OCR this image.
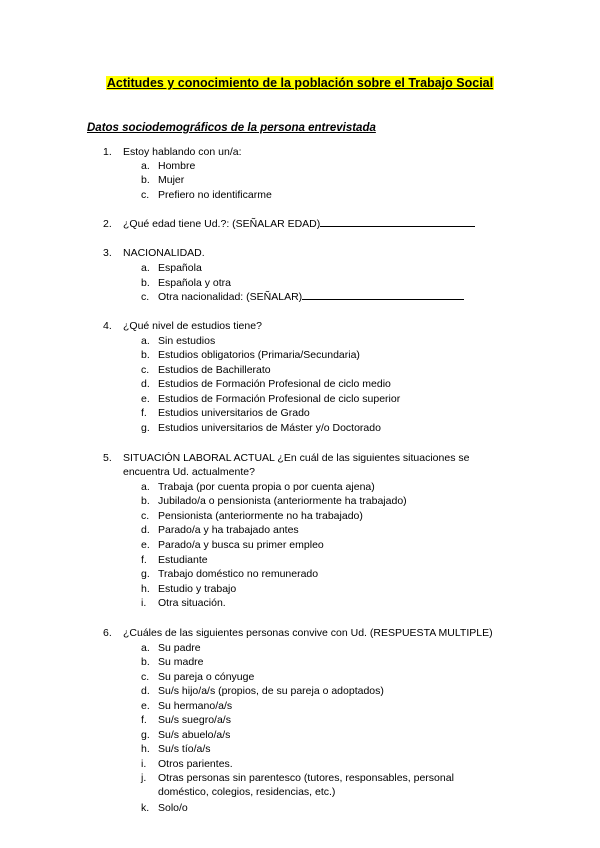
Actitudes y conocimiento de la población sobre el Trabajo Social
Datos sociodemográficos de la persona entrevistada
1.	Estoy hablando con un/a:
a. Hombre
b. Mujer
c. Prefiero no identificarme
2.	¿Qué edad tiene Ud.?: (SEÑALAR EDAD)
3.	NACIONALIDAD.
a. Española
b. Española y otra
c. Otra nacionalidad: (SEÑALAR)
4.	¿Qué nivel de estudios tiene?
a. Sin estudios
b. Estudios obligatorios (Primaria/Secundaria)
c. Estudios de Bachillerato
d. Estudios de Formación Profesional de ciclo medio
e. Estudios de Formación Profesional de ciclo superior
f. Estudios universitarios de Grado
g. Estudios universitarios de Máster y/o Doctorado
5.	SITUACIÓN LABORAL ACTUAL ¿En cuál de las siguientes situaciones se encuentra Ud. actualmente?
a. Trabaja (por cuenta propia o por cuenta ajena)
b. Jubilado/a o pensionista (anteriormente ha trabajado)
c. Pensionista (anteriormente no ha trabajado)
d. Parado/a y ha trabajado antes
e. Parado/a y busca su primer empleo
f. Estudiante
g. Trabajo doméstico no remunerado
h. Estudio y trabajo
i. Otra situación.
6.	¿Cuáles de las siguientes personas convive con Ud. (RESPUESTA MULTIPLE)
a. Su padre
b. Su madre
c. Su pareja o cónyuge
d. Su/s hijo/a/s (propios, de su pareja o adoptados)
e. Su hermano/a/s
f. Su/s suegro/a/s
g. Su/s abuelo/a/s
h. Su/s tío/a/s
i. Otros parientes.
j.	Otras personas sin parentesco (tutores, responsables, personal doméstico, colegios, residencias, etc.)
k. Solo/o
